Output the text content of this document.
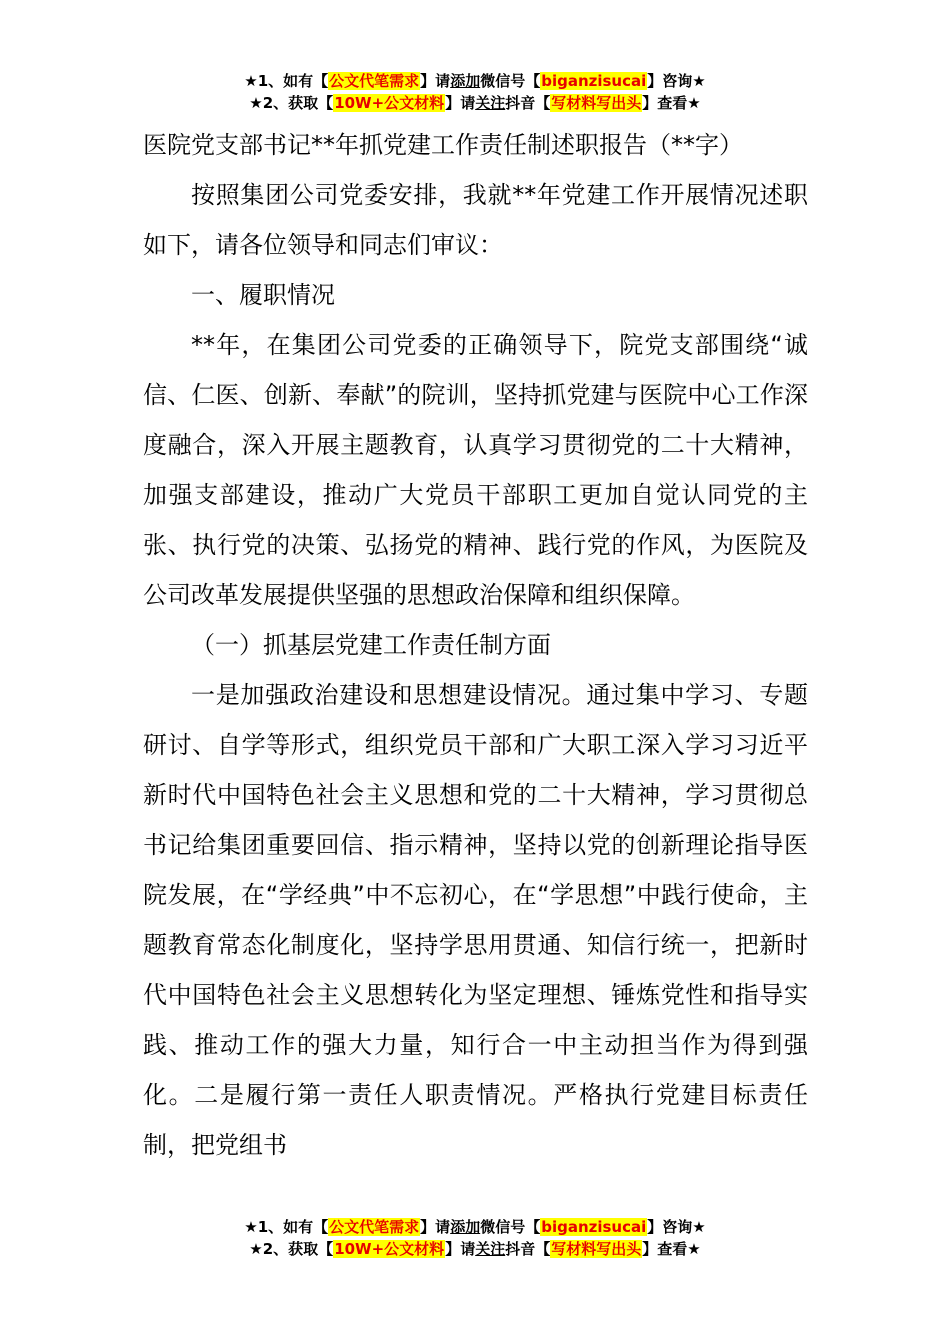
★1、如有【公文代笔需求】请添加微信号【biganzisucai】咨询★
★2、获取【10W+公文材料】请关注抖音【写材料写出头】查看★

医院党支部书记**年抓党建工作责任制述职报告（**字）

按照集团公司党委安排，我就**年党建工作开展情况述职如下，请各位领导和同志们审议：

一、履职情况

**年，在集团公司党委的正确领导下，院党支部围绕“诚信、仁医、创新、奉献”的院训，坚持抓党建与医院中心工作深度融合，深入开展主题教育，认真学习贯彻党的二十大精神，加强支部建设，推动广大党员干部职工更加自觉认同党的主张、执行党的决策、弘扬党的精神、践行党的作风，为医院及公司改革发展提供坚强的思想政治保障和组织保障。

（一）抓基层党建工作责任制方面

一是加强政治建设和思想建设情况。通过集中学习、专题研讨、自学等形式，组织党员干部和广大职工深入学习习近平新时代中国特色社会主义思想和党的二十大精神，学习贯彻总书记给集团重要回信、指示精神，坚持以党的创新理论指导医院发展，在“学经典”中不忘初心，在“学思想”中践行使命，主题教育常态化制度化，坚持学思用贯通、知信行统一，把新时代中国特色社会主义思想转化为坚定理想、锤炼党性和指导实践、推动工作的强大力量，知行合一中主动担当作为得到强化。二是履行第一责任人职责情况。严格执行党建目标责任制，把党组书

★1、如有【公文代笔需求】请添加微信号【biganzisucai】咨询★
★2、获取【10W+公文材料】请关注抖音【写材料写出头】查看★
